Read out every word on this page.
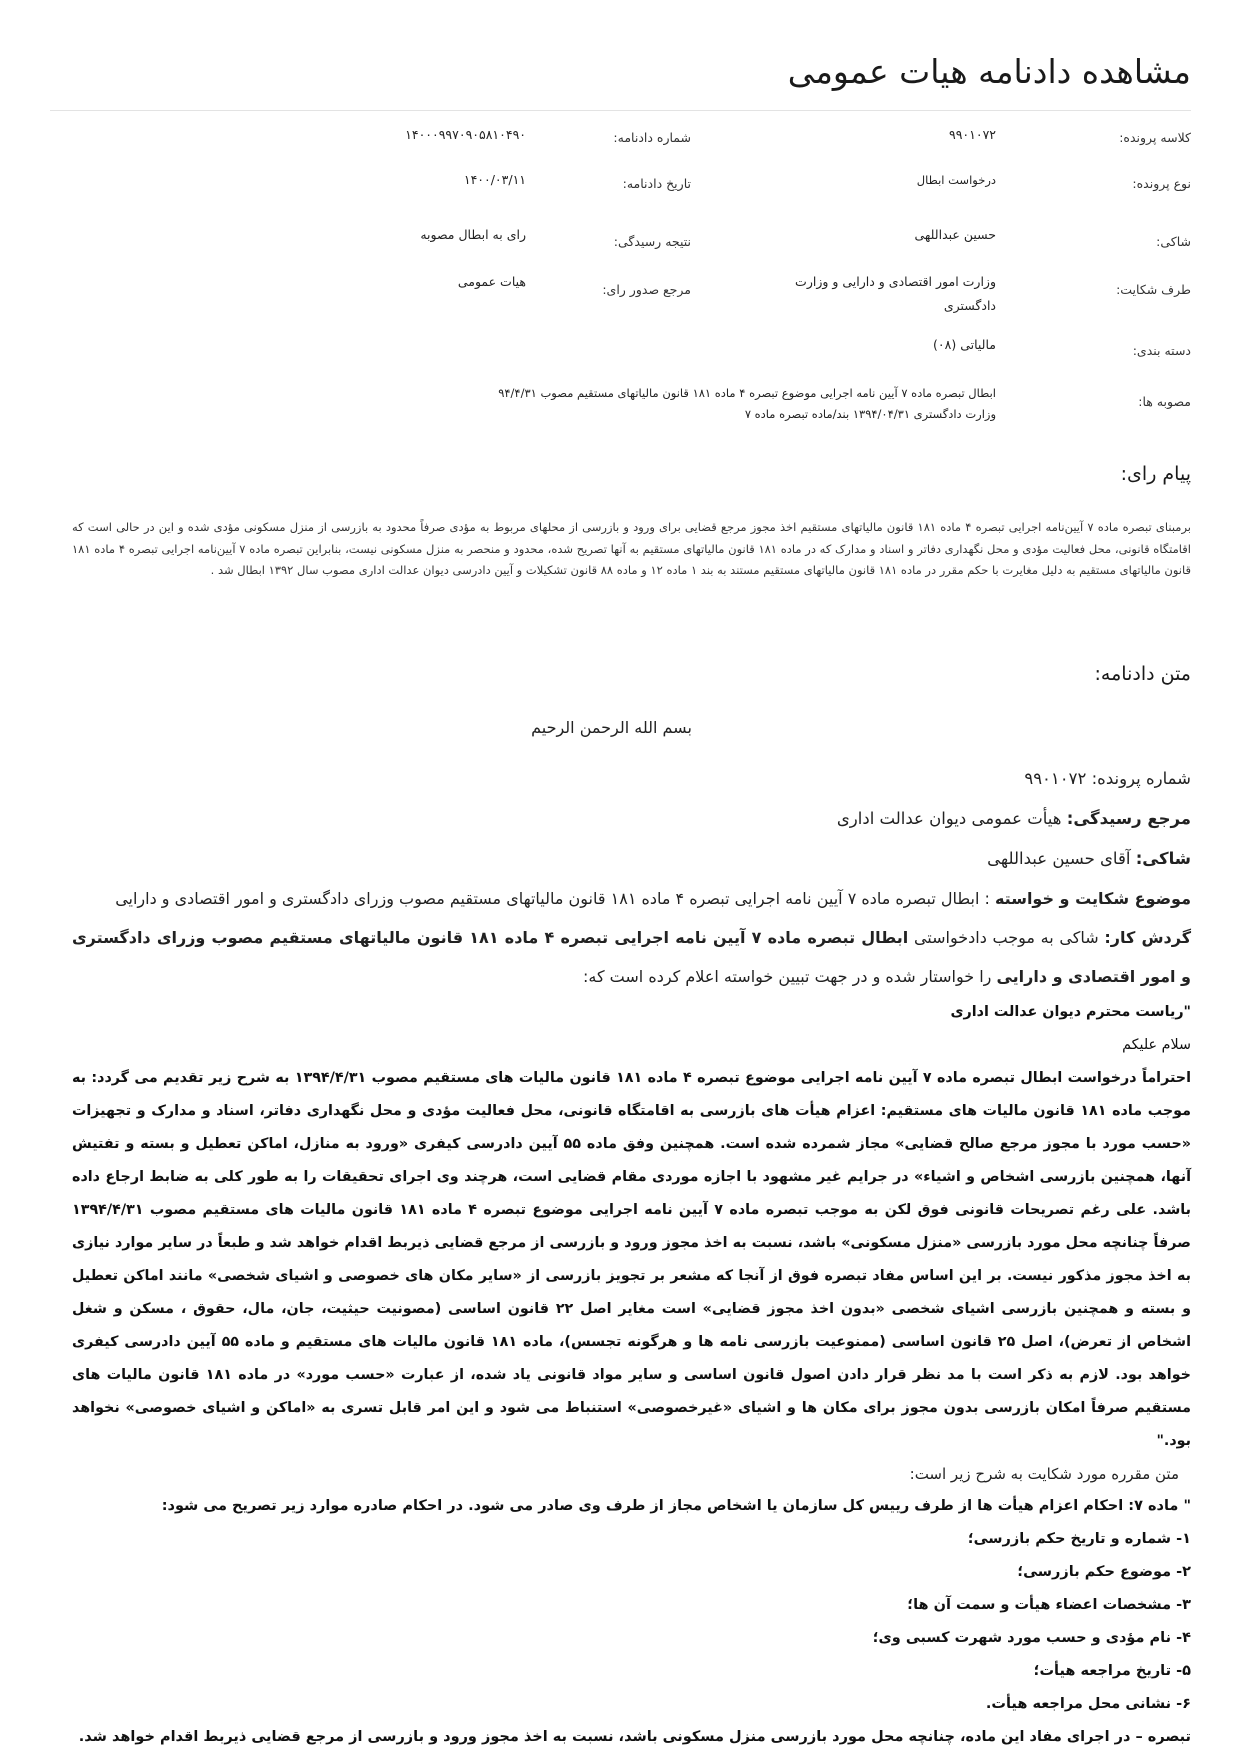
مشاهده دادنامه هیات عمومی
کلاسه پرونده:
۹۹۰۱۰۷۲
شماره دادنامه:
۱۴۰۰۰۹۹۷۰۹۰۵۸۱۰۴۹۰
نوع پرونده:
درخواست ابطال
تاریخ دادنامه:
۱۴۰۰/۰۳/۱۱
شاکی:
حسین عبداللهی
نتیجه رسیدگی:
رای به ابطال مصوبه
طرف شکایت:
وزارت امور اقتصادی و دارایی و وزارت دادگستری
مرجع صدور رای:
هیات عمومی
دسته بندی:
مالیاتی (۰۸)
مصوبه ها:
ابطال تبصره ماده ۷ آیین نامه اجرایی موضوع تبصره ۴ ماده ۱۸۱ قانون مالیاتهای مستقیم مصوب ۹۴/۴/۳۱ وزارت دادگستری ۱۳۹۴/۰۴/۳۱ بند/ماده تبصره ماده ۷
پیام رای:

برمبنای تبصره ماده ۷ آیین‌نامه اجرایی تبصره ۴ ماده ۱۸۱ قانون مالیاتهای مستقیم اخذ مجوز مرجع قضایی برای ورود و بازرسی از محلهای مربوط به مؤدی صرفاً محدود به بازرسی از منزل مسکونی مؤدی شده و این در حالی است که اقامتگاه قانونی، محل فعالیت مؤدی و محل نگهداری دفاتر و اسناد و مدارک که در ماده ۱۸۱ قانون مالیاتهای مستقیم به آنها تصریح شده، محدود و منحصر به منزل مسکونی نیست، بنابراین تبصره ماده ۷ آیین‌نامه اجرایی تبصره ۴ ماده ۱۸۱ قانون مالیاتهای مستقیم به دلیل مغایرت با حکم مقرر در ماده ۱۸۱ قانون مالیاتهای مستقیم مستند به بند ۱ ماده ۱۲ و ماده ۸۸ قانون تشکیلات و آیین دادرسی دیوان عدالت اداری مصوب سال ۱۳۹۲ ابطال شد .

متن دادنامه:
بسم الله الرحمن الرحیم
شماره پرونده: ۹۹۰۱۰۷۲
مرجع رسیدگی: هیأت عمومی دیوان عدالت اداری
شاکی: آقای حسین عبداللهی

موضوع شکایت و خواسته : ابطال تبصره ماده ۷ آیین نامه اجرایی تبصره ۴ ماده ۱۸۱ قانون مالیاتهای مستقیم مصوب وزرای دادگستری و امور اقتصادی و دارایی

گردش کار: شاکی به موجب دادخواستی ابطال تبصره ماده ۷ آیین نامه اجرایی تبصره ۴ ماده ۱۸۱ قانون مالیاتهای مستقیم مصوب وزرای دادگستری و امور اقتصادی و دارایی را خواستار شده و در جهت تبیین خواسته اعلام کرده است که:

"ریاست محترم دیوان عدالت اداری
سلام علیکم

احتراماً درخواست ابطال تبصره ماده ۷ آیین نامه اجرایی موضوع تبصره ۴ ماده ۱۸۱ قانون مالیات های مستقیم مصوب ۱۳۹۴/۴/۳۱ به شرح زیر تقدیم می گردد: به موجب ماده ۱۸۱ قانون مالیات های مستقیم: اعزام هیأت های بازرسی به اقامتگاه قانونی، محل فعالیت مؤدی و محل نگهداری دفاتر، اسناد و مدارک و تجهیزات «حسب مورد با مجوز مرجع صالح قضایی» مجاز شمرده شده است. همچنین وفق ماده ۵۵ آیین دادرسی کیفری «ورود به منازل، اماکن تعطیل و بسته و تفتیش آنها، همچنین بازرسی اشخاص و اشیاء» در جرایم غیر مشهود با اجازه موردی مقام قضایی است، هرچند وی اجرای تحقیقات را به طور کلی به ضابط ارجاع داده باشد. علی رغم تصریحات قانونی فوق لکن به موجب تبصره ماده ۷ آیین نامه اجرایی موضوع تبصره ۴ ماده ۱۸۱ قانون مالیات های مستقیم مصوب ۱۳۹۴/۴/۳۱ صرفاً چنانچه محل مورد بازرسی «منزل مسکونی» باشد، نسبت به اخذ مجوز ورود و بازرسی از مرجع قضایی ذیربط اقدام خواهد شد و طبعاً در سایر موارد نیازی به اخذ مجوز مذکور نیست. بر این اساس مفاد تبصره فوق از آنجا که مشعر بر تجویز بازرسی از «سایر مکان های خصوصی و اشیای شخصی» مانند اماکن تعطیل و بسته و همچنین بازرسی اشیای شخصی «بدون اخذ مجوز قضایی» است مغایر اصل ۲۲ قانون اساسی (مصونیت حیثیت، جان، مال، حقوق ، مسکن و شغل اشخاص از تعرض)، اصل ۲۵ قانون اساسی (ممنوعیت بازرسی نامه ها و هرگونه تجسس)، ماده ۱۸۱ قانون مالیات های مستقیم و ماده ۵۵ آیین دادرسی کیفری خواهد بود. لازم به ذکر است با مد نظر قرار دادن اصول قانون اساسی و سایر مواد قانونی یاد شده، از عبارت «حسب مورد» در ماده ۱۸۱ قانون مالیات های مستقیم صرفاً امکان بازرسی بدون مجوز برای مکان ها و اشیای «غیرخصوصی» استنباط می شود و این امر قابل تسری به «اماکن و اشیای خصوصی» نخواهد بود."

متن مقرره مورد شکایت به شرح زیر است:

" ماده ۷: احکام اعزام هیأت ها از طرف رییس کل سازمان یا اشخاص مجاز از طرف وی صادر می شود. در احکام صادره موارد زیر تصریح می شود:

۱- شماره و تاریخ حکم بازرسی؛
۲- موضوع حکم بازرسی؛
۳- مشخصات اعضاء هیأت و سمت آن ها؛
۴- نام مؤدی و حسب مورد شهرت کسبی وی؛
۵- تاریخ مراجعه هیأت؛
۶- نشانی محل مراجعه هیأت.

تبصره – در اجرای مفاد این ماده، چنانچه محل مورد بازرسی منزل مسکونی باشد، نسبت به اخذ مجوز ورود و بازرسی از مرجع قضایی ذیربط اقدام خواهد شد.
